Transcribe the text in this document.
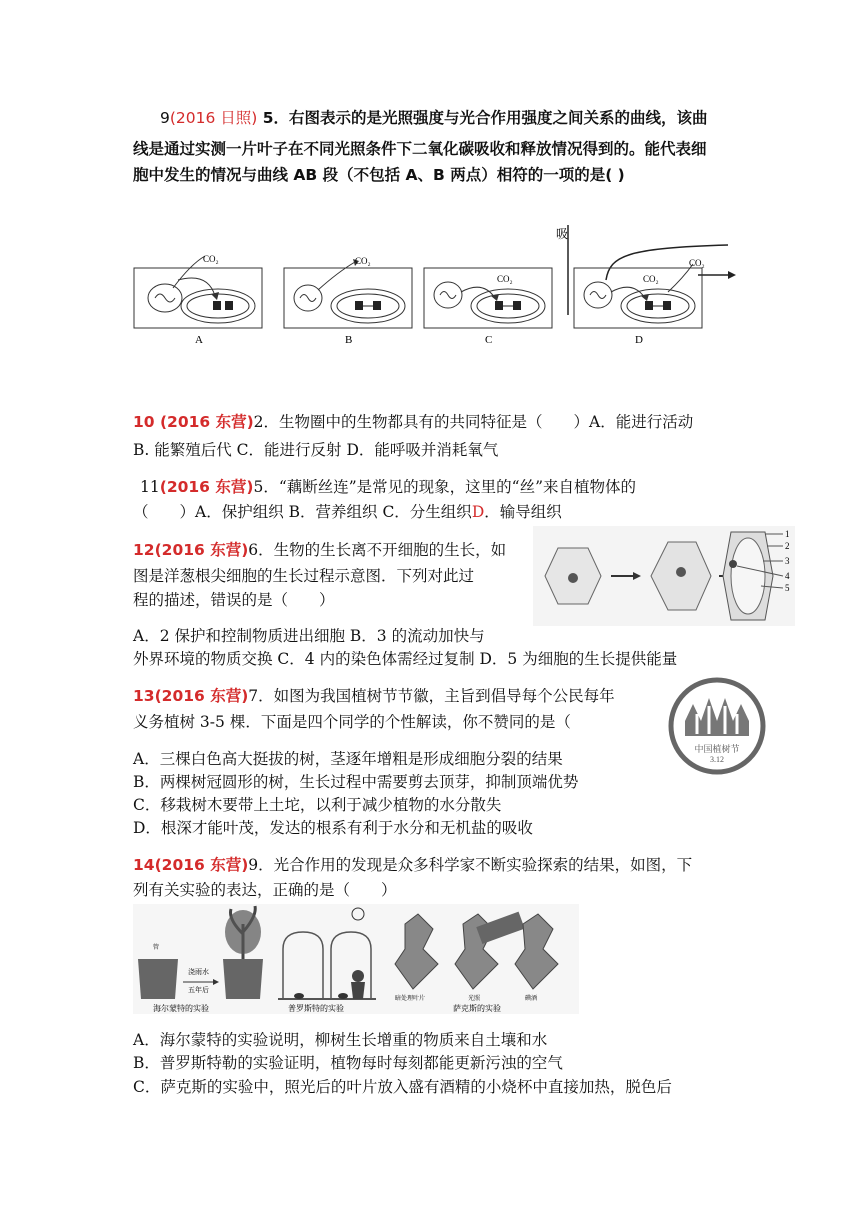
9(2016 日照) 5．右图表示的是光照强度与光合作用强度之间关系的曲线，该曲
线是通过实测一片叶子在不同光照条件下二氧化碳吸收和释放情况得到的。能代表细
胞中发生的情况与曲线 AB 段（不包括 A、B 两点）相符的一项的是( )
吸
CO₂
A
CO₂
B
CO₂
C
CO₂
CO₂
D
10 (2016 东营)2．生物圈中的生物都具有的共同特征是（　　）A．能进行活动
B. 能繁殖后代 C．能进行反射 D．能呼吸并消耗氧气
11(2016 东营)5．“藕断丝连”是常见的现象，这里的“丝”来自植物体的
（　　）A．保护组织 B．营养组织 C．分生组织D．输导组织
12(2016 东营)6．生物的生长离不开细胞的生长，如
图是洋葱根尖细胞的生长过程示意图．下列对此过
程的描述，错误的是（　　）
A．2 保护和控制物质进出细胞 B．3 的流动加快与
外界环境的物质交换 C．4 内的染色体需经过复制 D．5 为细胞的生长提供能量
1
2
3
4
5
13(2016 东营)7．如图为我国植树节节徽，主旨到倡导每个公民每年
义务植树 3-5 棵．下面是四个同学的个性解读，你不赞同的是（
A．三棵白色高大挺拔的树，茎逐年增粗是形成细胞分裂的结果
B．两棵树冠圆形的树，生长过程中需要剪去顶芽，抑制顶端优势
C．移栽树木要带上土坨，以利于减少植物的水分散失
D．根深才能叶茂，发达的根系有利于水分和无机盐的吸收
中国植树节
3.12
14(2016 东营)9．光合作用的发现是众多科学家不断实验探索的结果，如图，下
列有关实验的表达，正确的是（　　）
管
浇雨水
五年后
海尔蒙特的实验	普罗斯特的实验
暗处理叶片	光照	碘酒
萨克斯的实验
A．海尔蒙特的实验说明，柳树生长增重的物质来自土壤和水
B．普罗斯特勒的实验证明，植物每时每刻都能更新污浊的空气
C．萨克斯的实验中，照光后的叶片放入盛有酒精的小烧杯中直接加热，脱色后
